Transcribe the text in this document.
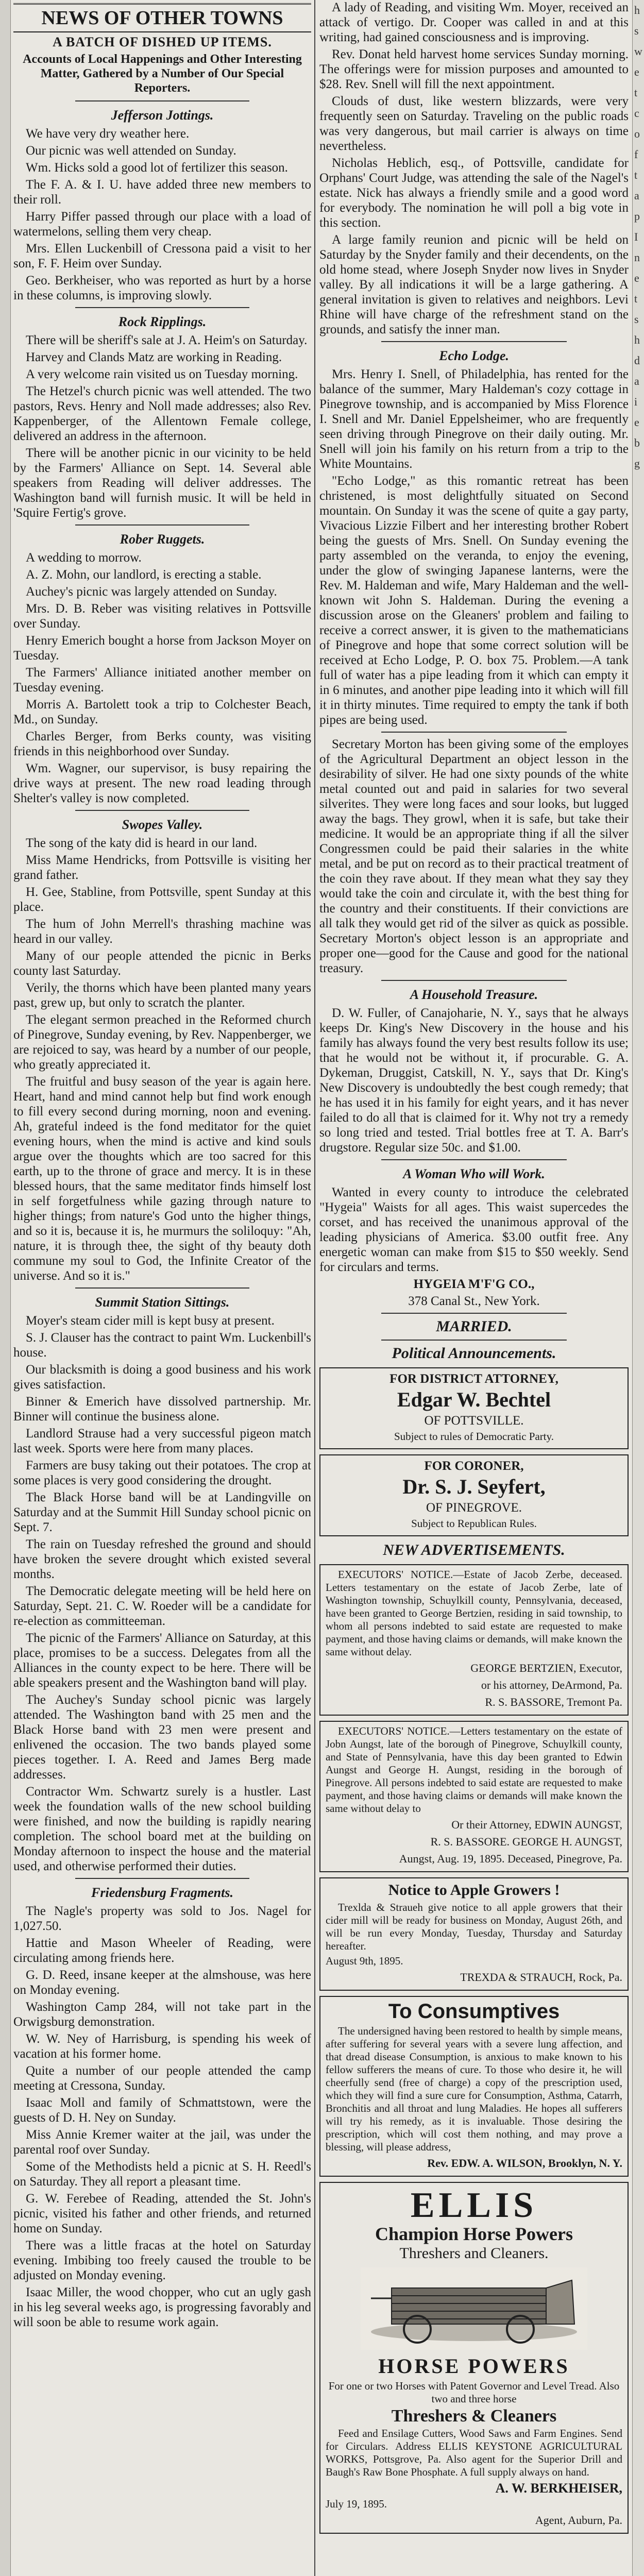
h
s
w
e
t
c
o
f
t
a
p
I
n
e
t
s
h
d
a
i
e
b
g
NEWS OF OTHER TOWNS
A BATCH OF DISHED UP ITEMS.
Accounts of Local Happenings and Other Interesting Matter, Gathered by a Number of Our Special Reporters.
Jefferson Jottings.

We have very dry weather here.

Our picnic was well attended on Sunday.

Wm. Hicks sold a good lot of fertilizer this season.

The F. A. & I. U. have added three new members to their roll.

Harry Piffer passed through our place with a load of watermelons, selling them very cheap.

Mrs. Ellen Luckenbill of Cressona paid a visit to her son, F. F. Heim over Sunday.

Geo. Berkheiser, who was reported as hurt by a horse in these columns, is improving slowly.

Rock Ripplings.

There will be sheriff's sale at J. A. Heim's on Saturday.

Harvey and Clands Matz are working in Reading.

A very welcome rain visited us on Tuesday morning.

The Hetzel's church picnic was well attended. The two pastors, Revs. Henry and Noll made addresses; also Rev. Kappenberger, of the Allentown Female college, delivered an address in the afternoon.

There will be another picnic in our vicinity to be held by the Farmers' Alliance on Sept. 14. Several able speakers from Reading will deliver addresses. The Washington band will furnish music. It will be held in 'Squire Fertig's grove.

Rober Ruggets.

A wedding to morrow.

A. Z. Mohn, our landlord, is erecting a stable.

Auchey's picnic was largely attended on Sunday.

Mrs. D. B. Reber was visiting relatives in Pottsville over Sunday.

Henry Emerich bought a horse from Jackson Moyer on Tuesday.

The Farmers' Alliance initiated another member on Tuesday evening.

Morris A. Bartolett took a trip to Colchester Beach, Md., on Sunday.

Charles Berger, from Berks county, was visiting friends in this neighborhood over Sunday.

Wm. Wagner, our supervisor, is busy repairing the drive ways at present. The new road leading through Shelter's valley is now completed.

Swopes Valley.

The song of the katy did is heard in our land.

Miss Mame Hendricks, from Pottsville is visiting her grand father.

H. Gee, Stabline, from Pottsville, spent Sunday at this place.

The hum of John Merrell's thrashing machine was heard in our valley.

Many of our people attended the picnic in Berks county last Saturday.

Verily, the thorns which have been planted many years past, grew up, but only to scratch the planter.

The elegant sermon preached in the Reformed church of Pinegrove, Sunday evening, by Rev. Nappenberger, we are rejoiced to say, was heard by a number of our people, who greatly appreciated it.

The fruitful and busy season of the year is again here. Heart, hand and mind cannot help but find work enough to fill every second during morning, noon and evening. Ah, grateful indeed is the fond meditator for the quiet evening hours, when the mind is active and kind souls argue over the thoughts which are too sacred for this earth, up to the throne of grace and mercy. It is in these blessed hours, that the same meditator finds himself lost in self forgetfulness while gazing through nature to higher things; from nature's God unto the higher things, and so it is, because it is, he murmurs the soliloquy: "Ah, nature, it is through thee, the sight of thy beauty doth commune my soul to God, the Infinite Creator of the universe. And so it is."

Summit Station Sittings.

Moyer's steam cider mill is kept busy at present.

S. J. Clauser has the contract to paint Wm. Luckenbill's house.

Our blacksmith is doing a good business and his work gives satisfaction.

Binner & Emerich have dissolved partnership. Mr. Binner will continue the business alone.

Landlord Strause had a very successful pigeon match last week. Sports were here from many places.

Farmers are busy taking out their potatoes. The crop at some places is very good considering the drought.

The Black Horse band will be at Landingville on Saturday and at the Summit Hill Sunday school picnic on Sept. 7.

The rain on Tuesday refreshed the ground and should have broken the severe drought which existed several months.

The Democratic delegate meeting will be held here on Saturday, Sept. 21. C. W. Roeder will be a candidate for re-election as committeeman.

The picnic of the Farmers' Alliance on Saturday, at this place, promises to be a success. Delegates from all the Alliances in the county expect to be here. There will be able speakers present and the Washington band will play.

The Auchey's Sunday school picnic was largely attended. The Washington band with 25 men and the Black Horse band with 23 men were present and enlivened the occasion. The two bands played some pieces together. I. A. Reed and James Berg made addresses.

Contractor Wm. Schwartz surely is a hustler. Last week the foundation walls of the new school building were finished, and now the building is rapidly nearing completion. The school board met at the building on Monday afternoon to inspect the house and the material used, and otherwise performed their duties.

Friedensburg Fragments.

The Nagle's property was sold to Jos. Nagel for 1,027.50.

Hattie and Mason Wheeler of Reading, were circulating among friends here.

G. D. Reed, insane keeper at the almshouse, was here on Monday evening.

Washington Camp 284, will not take part in the Orwigsburg demonstration.

W. W. Ney of Harrisburg, is spending his week of vacation at his former home.

Quite a number of our people attended the camp meeting at Cressona, Sunday.

Isaac Moll and family of Schmattstown, were the guests of D. H. Ney on Sunday.

Miss Annie Kremer waiter at the jail, was under the parental roof over Sunday.

Some of the Methodists held a picnic at S. H. Reedl's on Saturday. They all report a pleasant time.

G. W. Ferebee of Reading, attended the St. John's picnic, visited his father and other friends, and returned home on Sunday.

There was a little fracas at the hotel on Saturday evening. Imbibing too freely caused the trouble to be adjusted on Monday evening.

Isaac Miller, the wood chopper, who cut an ugly gash in his leg several weeks ago, is progressing favorably and will soon be able to resume work again.

A lady of Reading, and visiting Wm. Moyer, received an attack of vertigo. Dr. Cooper was called in and at this writing, had gained consciousness and is improving.

Rev. Donat held harvest home services Sunday morning. The offerings were for mission purposes and amounted to $28. Rev. Snell will fill the next appointment.

Clouds of dust, like western blizzards, were very frequently seen on Saturday. Traveling on the public roads was very dangerous, but mail carrier is always on time nevertheless.

Nicholas Heblich, esq., of Pottsville, candidate for Orphans' Court Judge, was attending the sale of the Nagel's estate. Nick has always a friendly smile and a good word for everybody. The nomination he will poll a big vote in this section.

A large family reunion and picnic will be held on Saturday by the Snyder family and their decendents, on the old home stead, where Joseph Snyder now lives in Snyder valley. By all indications it will be a large gathering. A general invitation is given to relatives and neighbors. Levi Rhine will have charge of the refreshment stand on the grounds, and satisfy the inner man.

Echo Lodge.

Mrs. Henry I. Snell, of Philadelphia, has rented for the balance of the summer, Mary Haldeman's cozy cottage in Pinegrove township, and is accompanied by Miss Florence I. Snell and Mr. Daniel Eppelsheimer, who are frequently seen driving through Pinegrove on their daily outing. Mr. Snell will join his family on his return from a trip to the White Mountains.

"Echo Lodge," as this romantic retreat has been christened, is most delightfully situated on Second mountain. On Sunday it was the scene of quite a gay party, Vivacious Lizzie Filbert and her interesting brother Robert being the guests of Mrs. Snell. On Sunday evening the party assembled on the veranda, to enjoy the evening, under the glow of swinging Japanese lanterns, were the Rev. M. Haldeman and wife, Mary Haldeman and the well-known wit John S. Haldeman. During the evening a discussion arose on the Gleaners' problem and failing to receive a correct answer, it is given to the mathematicians of Pinegrove and hope that some correct solution will be received at Echo Lodge, P. O. box 75. Problem.—A tank full of water has a pipe leading from it which can empty it in 6 minutes, and another pipe leading into it which will fill it in thirty minutes. Time required to empty the tank if both pipes are being used.

Secretary Morton has been giving some of the employes of the Agricultural Department an object lesson in the desirability of silver. He had one sixty pounds of the white metal counted out and paid in salaries for two several silverites. They were long faces and sour looks, but lugged away the bags. They growl, when it is safe, but take their medicine. It would be an appropriate thing if all the silver Congressmen could be paid their salaries in the white metal, and be put on record as to their practical treatment of the coin they rave about. If they mean what they say they would take the coin and circulate it, with the best thing for the country and their constituents. If their convictions are all talk they would get rid of the silver as quick as possible. Secretary Morton's object lesson is an appropriate and proper one—good for the Cause and good for the national treasury.

A Household Treasure.

D. W. Fuller, of Canajoharie, N. Y., says that he always keeps Dr. King's New Discovery in the house and his family has always found the very best results follow its use; that he would not be without it, if procurable. G. A. Dykeman, Druggist, Catskill, N. Y., says that Dr. King's New Discovery is undoubtedly the best cough remedy; that he has used it in his family for eight years, and it has never failed to do all that is claimed for it. Why not try a remedy so long tried and tested. Trial bottles free at T. A. Barr's drugstore. Regular size 50c. and $1.00.

A Woman Who will Work.

Wanted in every county to introduce the celebrated "Hygeia" Waists for all ages. This waist supercedes the corset, and has received the unanimous approval of the leading physicians of America. $3.00 outfit free. Any energetic woman can make from $15 to $50 weekly. Send for circulars and terms.

HYGEIA M'F'G CO.,

378 Canal St., New York.

MARRIED.

Political Announcements.

FOR DISTRICT ATTORNEY,

Edgar W. Bechtel

OF POTTSVILLE.

Subject to rules of Democratic Party.

FOR CORONER,

Dr. S. J. Seyfert,

OF PINEGROVE.

Subject to Republican Rules.

NEW ADVERTISEMENTS.

EXECUTORS' NOTICE.—Estate of Jacob Zerbe, deceased. Letters testamentary on the estate of Jacob Zerbe, late of Washington township, Schuylkill county, Pennsylvania, deceased, have been granted to George Bertzien, residing in said township, to whom all persons indebted to said estate are requested to make payment, and those having claims or demands, will make known the same without delay.

GEORGE BERTZIEN, Executor,

or his attorney, DeArmond, Pa.

R. S. BASSORE, Tremont Pa.

EXECUTORS' NOTICE.—Letters testamentary on the estate of Jobn Aungst, late of the borough of Pinegrove, Schuylkill county, and State of Pennsylvania, have this day been granted to Edwin Aungst and George H. Aungst, residing in the borough of Pinegrove. All persons indebted to said estate are requested to make payment, and those having claims or demands will make known the same without delay to

Or their Attorney, EDWIN AUNGST,

R. S. BASSORE. GEORGE H. AUNGST,

Aungst, Aug. 19, 1895. Deceased, Pinegrove, Pa.

Notice to Apple Growers !

Trexlda & Straueh give notice to all apple growers that their cider mill will be ready for business on Monday, August 26th, and will be run every Monday, Tuesday, Thursday and Saturday hereafter.

August 9th, 1895.

TREXDA & STRAUCH, Rock, Pa.

To Consumptives

The undersigned having been restored to health by simple means, after suffering for several years with a severe lung affection, and that dread disease Consumption, is anxious to make known to his fellow sufferers the means of cure. To those who desire it, he will cheerfully send (free of charge) a copy of the prescription used, which they will find a sure cure for Consumption, Asthma, Catarrh, Bronchitis and all throat and lung Maladies. He hopes all sufferers will try his remedy, as it is invaluable. Those desiring the prescription, which will cost them nothing, and may prove a blessing, will please address,

Rev. EDW. A. WILSON, Brooklyn, N. Y.

ELLIS

Champion Horse Powers

Threshers and Cleaners.

HORSE POWERS

For one or two Horses with Patent Governor and Level Tread. Also two and three horse

Threshers & Cleaners

Feed and Ensilage Cutters, Wood Saws and Farm Engines. Send for Circulars. Address ELLIS KEYSTONE AGRICULTURAL WORKS, Pottsgrove, Pa. Also agent for the Superior Drill and Baugh's Raw Bone Phosphate. A full supply always on hand.

A. W. BERKHEISER,

July 19, 1895.

Agent, Auburn, Pa.
